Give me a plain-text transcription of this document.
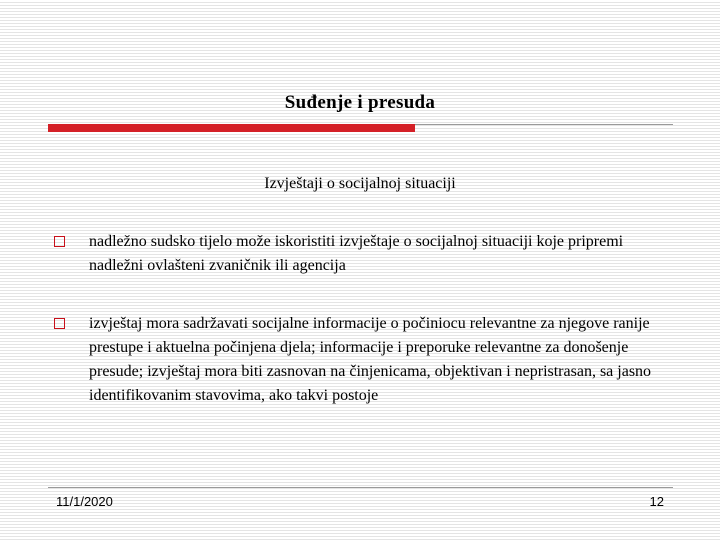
Suđenje i presuda
Izvještaji o socijalnoj situaciji
nadležno sudsko tijelo može iskoristiti izvještaje o socijalnoj situaciji koje pripremi nadležni ovlašteni zvaničnik ili agencija
izvještaj mora sadržavati socijalne informacije o počiniocu relevantne za njegove ranije prestupe i aktuelna počinjena djela; informacije i preporuke relevantne za donošenje presude; izvještaj mora biti zasnovan na činjenicama, objektivan i nepristrasan, sa jasno identifikovanim stavovima, ako takvi postoje
11/1/2020	12
